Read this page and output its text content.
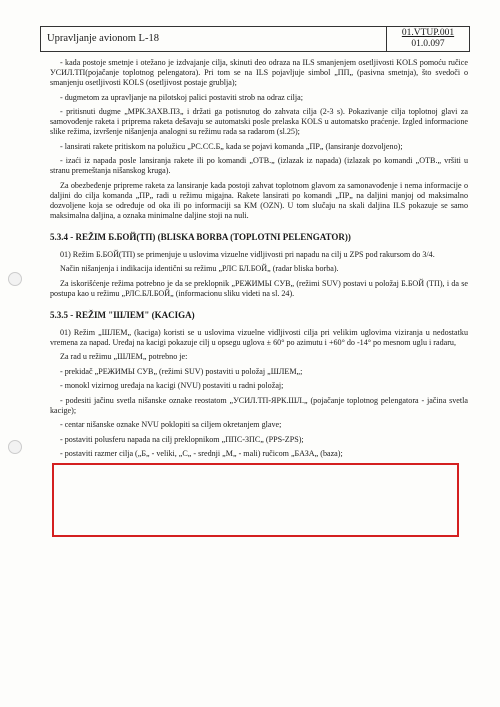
Upravljanje avionom L-18	01.VTUP.001
01.0.097

- kada postoje smetnje i otežano je izdvajanje cilja, skinuti deo odraza na ILS smanjenjem osetljivosti KOLS pomoću ručice УСИЛ.ТП(pojačanje toplotnog pelengatora). Pri tom se na ILS pojavljuje simbol „ПП„ (pasivna smetnja), što svedoči o smanjenju osetljivosti KOLS (osetljivost postaje grublja);

- dugmetom za upravljanje na pilotskoj palici postaviti strob na odraz cilja;

- pritisnuti dugme „МРК.ЗАХВ.ПЗ„ i držati ga potisnutog do zahvata cilja (2-3 s). Pokazivanje cilja toplotnoj glavi za samovođenje raketa i priprema raketa dešavaju se automatski posle prelaska KOLS u automatsko praćenje. Izgled informacione slike režima, izvršenje nišanjenja analogni su režimu rada sa radarom (sl.25);

- lansirati rakete pritiskom na polužicu „РС.СС.Б„ kada se pojavi komanda „ПР„ (lansiranje dozvoljeno);

- izaći iz napada posle lansiranja rakete ili po komandi „ОТВ.„ (izlazak iz napada) (izlazak po komandi „ОТВ.„ vršiti u stranu premeštanja nišanskog kruga).

Za obezbeđenje pripreme raketa za lansiranje kada postoji zahvat toplotnom glavom za samonavođenje i nema informacije o daljini do cilja komanda „ПР„ radi u režimu migajna. Rakete lansirati po komandi „ПР„ na daljini manjoj od maksimalno dozvoljene koja se određuje od oka ili po informaciji sa KM (OZN). U tom slučaju na skali daljina ILS pokazuje se samo maksimalna daljina, a oznaka minimalne daljine stoji na nuli.

5.3.4 - REŽIM Б.БОЙ(ТП) (BLISKA BORBA (TOPLOTNI PELENGATOR))

01) Režim Б.БОЙ(ТП) se primenjuje u uslovima vizuelne vidljivosti pri napadu na cilj u ZPS pod rakursom do 3/4.

Način nišanjenja i indikacija identični su režimu „РЛС БЛ.БОЙ„ (radar bliska borba).

Za iskorišćenje režima potrebno je da se preklopnik „РЕЖИМЫ СУВ„ (režimi SUV) postavi u položaj Б.БОЙ (ТП), i da se postupa kao u režimu „РЛС.БЛ.БОЙ„ (informacionu sliku videti na sl. 24).

5.3.5 - REŽIM "ШЛЕМ" (KACIGA)

01) Režim „ШЛЕМ„ (kaciga) koristi se u uslovima vizuelne vidljivosti cilja pri velikim uglovima viziranja u nedostatku vremena za napad. Uređaj na kacigi pokazuje cilj u opsegu uglova ± 60° po azimutu i +60° do -14° po mesnom uglu i radaru,

Za rad u režimu „ШЛЕМ„ potrebno je:

- prekidač „РЕЖИМЫ СУВ„ (režimi SUV) postaviti u položaj „ШЛЕМ„;

- monokl vizirnog uređaja na kacigi (NVU) postaviti u radni položaj;

- podesiti jačinu svetla nišanske oznake reostatom „УСИЛ.ТП-ЯРК.ШЛ.„ (pojačanje toplotnog pelengatora - jačina svetla kacige);

- centar nišanske oznake NVU poklopiti sa ciljem okretanjem glave;

- postaviti polusferu napada na cilj preklopnikom „ППС-ЗПС„ (PPS-ZPS);

- postaviti razmer cilja („Б„ - veliki, „С„ - srednji „М„ - mali) ručicom „БАЗА„ (baza);
